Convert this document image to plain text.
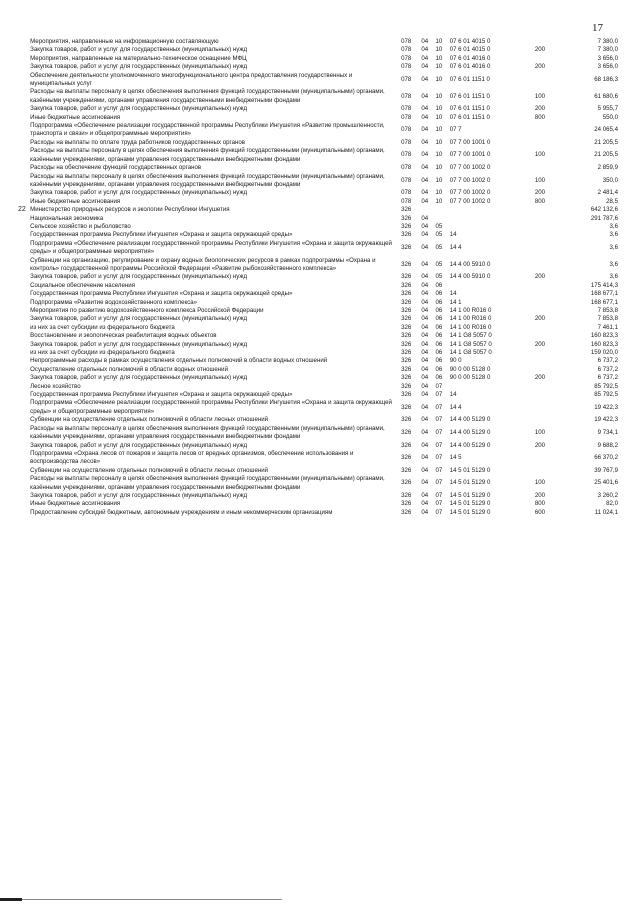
17
	Мероприятия, направленные на информационную составляющую	078	04	10	07 6 01 4015 0		7 380,0
	Закупка товаров, работ и услуг для государственных (муниципальных) нужд	078	04	10	07 6 01 4015 0	200	7 380,0
	Мероприятия, направленные на материально-техническое оснащение МФЦ	078	04	10	07 6 01 4016 0		3 656,0
	Закупка товаров, работ и услуг для государственных (муниципальных) нужд	078	04	10	07 6 01 4016 0	200	3 656,0
	Обеспечение деятельности уполномоченного многофункционального центра предоставления государственных и муниципальных услуг	078	04	10	07 6 01 1151 0		68 186,3
	Расходы на выплаты персоналу в целях обеспечения выполнения функций государственными (муниципальными) органами, казёнными учреждениями, органами управления государственными внебюджетными фондами	078	04	10	07 6 01 1151 0	100	61 680,6
	Закупка товаров, работ и услуг для государственных (муниципальных) нужд	078	04	10	07 6 01 1151 0	200	5 955,7
	Иные бюджетные ассигнования	078	04	10	07 6 01 1151 0	800	550,0
	Подпрограмма «Обеспечение реализации государственной программы Республики Ингушетия «Развитие промышленности, транспорта и связи» и общепрограммные мероприятия»	078	04	10	07 7		24 065,4
	Расходы на выплаты по оплате труда работников государственных органов	078	04	10	07 7 00 1001 0		21 205,5
	Расходы на выплаты персоналу в целях обеспечения выполнения функций государственными (муниципальными) органами, казёнными учреждениями, органами управления государственными внебюджетными фондами	078	04	10	07 7 00 1001 0	100	21 205,5
	Расходы на обеспечение функций государственных органов	078	04	10	07 7 00 1002 0		2 859,9
	Расходы на выплаты персоналу в целях обеспечения выполнения функций государственными (муниципальными) органами, казёнными учреждениями, органами управления государственными внебюджетными фондами	078	04	10	07 7 00 1002 0	100	350,0
	Закупка товаров, работ и услуг для государственных (муниципальных) нужд	078	04	10	07 7 00 1002 0	200	2 481,4
	Иные бюджетные ассигнования	078	04	10	07 7 00 1002 0	800	28,5
22	Министерство природных ресурсов и экологии Республики Ингушетия	326					642 132,6
	Национальная экономика	326	04				291 787,6
	Сельское хозяйство и рыболовство	326	04	05			3,6
	Государственная программа Республики Ингушетия «Охрана и защита окружающей среды»	326	04	05	14		3,6
	Подпрограмма «Обеспечение реализации государственной программы Республики Ингушетия «Охрана и защита окружающей среды» и общепрограммные мероприятия»	326	04	05	14 4		3,6
	Субвенции на организацию, регулирование и охрану водных биологических ресурсов в рамках подпрограммы «Охрана и контроль» государственной программы Российской Федерации «Развитие рыбохозяйственного комплекса»	326	04	05	14 4 00 5910 0		3,6
	Закупка товаров, работ и услуг для государственных (муниципальных) нужд	326	04	05	14 4 00 5910 0	200	3,6
	Социальное обеспечение населения	326	04	06			175 414,3
	Государственная программа Республики Ингушетия «Охрана и защита окружающей среды»	326	04	06	14		168 677,1
	Подпрограмма «Развитие водохозяйственного комплекса»	326	04	06	14 1		168 677,1
	Мероприятия по развитию водохозяйственного комплекса Российской Федерации	326	04	06	14 1 00 R016 0		7 853,8
	Закупка товаров, работ и услуг для государственных (муниципальных) нужд	326	04	06	14 1 00 R016 0	200	7 853,8
	из них за счет субсидии из федерального бюджета	326	04	06	14 1 00 R016 0		7 461,1
	Восстановление и экологическая реабилитация водных объектов	326	04	06	14 1 G8 5057 0		160 823,3
	Закупка товаров, работ и услуг для государственных (муниципальных) нужд	326	04	06	14 1 G8 5057 0	200	160 823,3
	из них за счет субсидии из федерального бюджета	326	04	06	14 1 G8 5057 0		159 020,0
	Непрограммные расходы в рамках осуществления отдельных полномочий в области водных отношений	326	04	06	90 0		6 737,2
	Осуществление отдельных полномочий в области водных отношений	326	04	06	90 0 00 5128 0		6 737,2
	Закупка товаров, работ и услуг для государственных (муниципальных) нужд	326	04	06	90 0 00 5128 0	200	6 737,2
	Лесное хозяйство	326	04	07			85 792,5
	Государственная программа Республики Ингушетия «Охрана и защита окружающей среды»	326	04	07	14		85 792,5
	Подпрограмма «Обеспечение реализации государственной программы Республики Ингушетия «Охрана и защита окружающей среды» и общепрограммные мероприятия»	326	04	07	14 4		19 422,3
	Субвенции на осуществление отдельных полномочий в области лесных отношений	326	04	07	14 4 00 5129 0		19 422,3
	Расходы на выплаты персоналу в целях обеспечения выполнения функций государственными (муниципальными) органами, казёнными учреждениями, органами управления государственными внебюджетными фондами	326	04	07	14 4 00 5129 0	100	9 734,1
	Закупка товаров, работ и услуг для государственных (муниципальных) нужд	326	04	07	14 4 00 5129 0	200	9 688,2
	Подпрограмма «Охрана лесов от пожаров и защита лесов от вредных организмов, обеспечение использования и воспроизводства лесов»	326	04	07	14 5		66 370,2
	Субвенции на осуществление отдельных полномочий в области лесных отношений	326	04	07	14 5 01 5129 0		39 767,9
	Расходы на выплаты персоналу в целях обеспечения выполнения функций государственными (муниципальными) органами, казёнными учреждениями, органами управления государственными внебюджетными фондами	326	04	07	14 5 01 5129 0	100	25 401,6
	Закупка товаров, работ и услуг для государственных (муниципальных) нужд	326	04	07	14 5 01 5129 0	200	3 260,2
	Иные бюджетные ассигнования	326	04	07	14 5 01 5129 0	800	82,0
	Предоставление субсидий бюджетным, автономным учреждениям и иным некоммерческим организациям	326	04	07	14 5 01 5129 0	600	11 024,1
